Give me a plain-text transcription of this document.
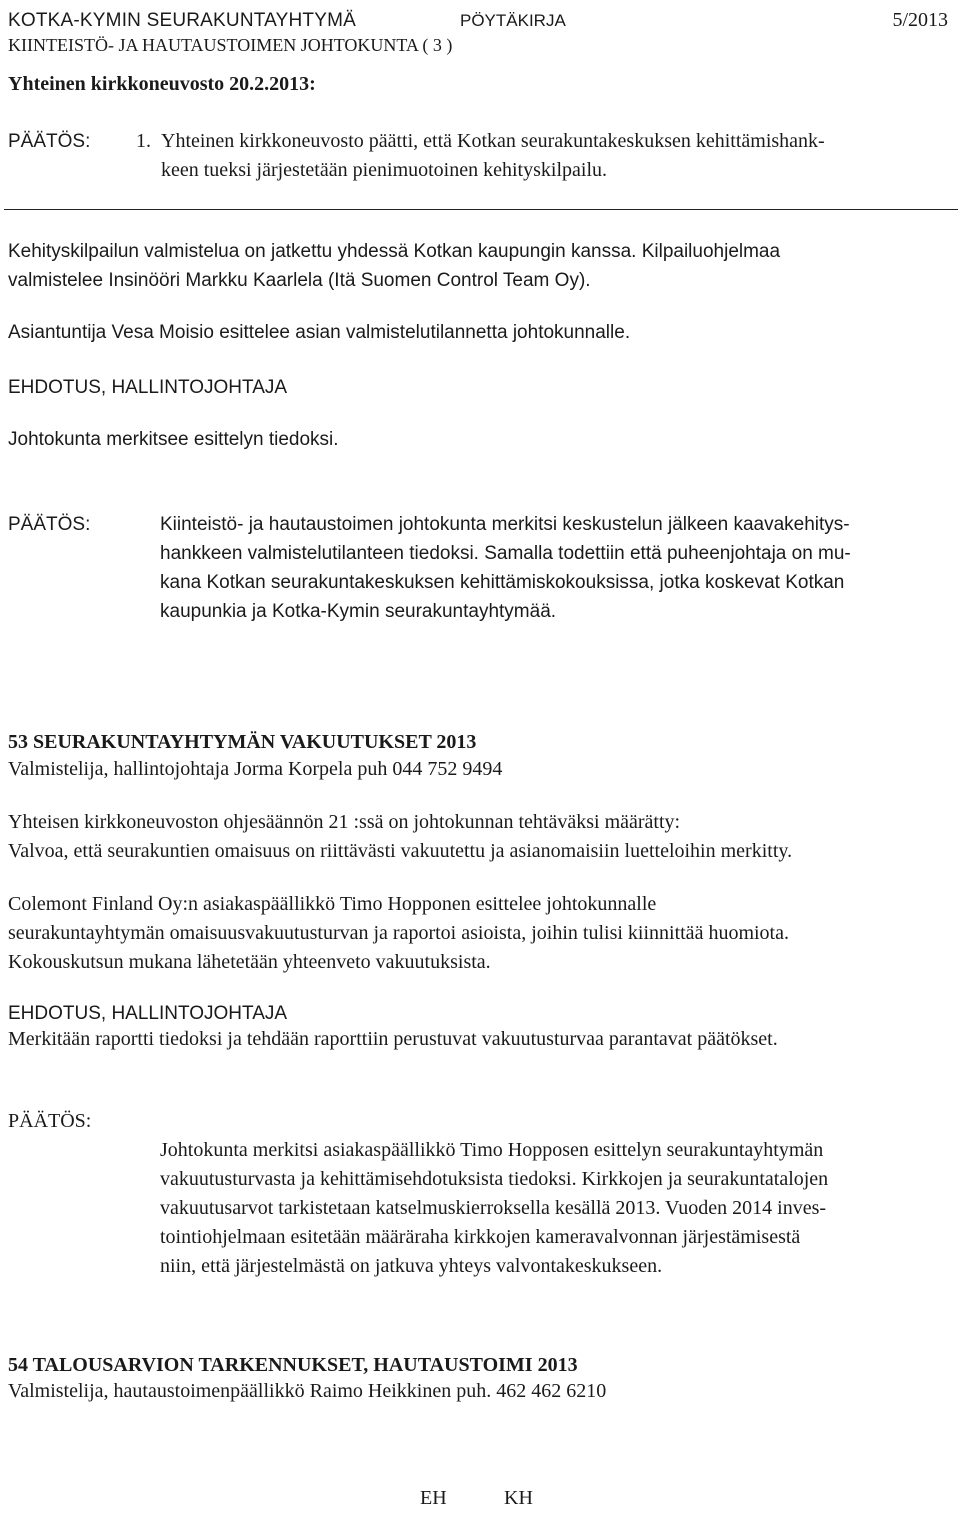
KOTKA-KYMIN SEURAKUNTAYHTYMÄ	PÖYTÄKIRJA	5/2013
KIINTEISTÖ- JA HAUTAUSTOIMEN JOHTOKUNTA ( 3 )
Yhteinen kirkkoneuvosto 20.2.2013:
PÄÄTÖS: 1. Yhteinen kirkkoneuvosto päätti, että Kotkan seurakuntakeskuksen kehittämishank-
keen tueksi järjestetään pienimuotoinen kehityskilpailu.
Kehityskilpailun valmistelua on jatkettu yhdessä Kotkan kaupungin kanssa. Kilpailuohjelmaa
valmistelee Insinööri Markku Kaarlela (Itä Suomen Control Team Oy).
Asiantuntija Vesa Moisio esittelee asian valmistelutilannetta johtokunnalle.
EHDOTUS, HALLINTOJOHTAJA
Johtokunta merkitsee esittelyn tiedoksi.
PÄÄTÖS:	Kiinteistö- ja hautaustoimen johtokunta merkitsi keskustelun jälkeen kaavakehitys-
hankkeen valmistelutilanteen tiedoksi. Samalla todettiin että puheenjohtaja on mu-
kana Kotkan seurakuntakeskuksen kehittämiskokouksissa, jotka koskevat Kotkan
kaupunkia ja Kotka-Kymin seurakuntayhtymää.
53 SEURAKUNTAYHTYMÄN VAKUUTUKSET 2013
Valmistelija, hallintojohtaja Jorma Korpela puh 044 752 9494
Yhteisen kirkkoneuvoston ohjesäännön 21 :ssä on johtokunnan tehtäväksi määrätty:
Valvoa, että seurakuntien omaisuus on riittävästi vakuutettu ja asianomaisiin luetteloihin merkitty.
Colemont Finland Oy:n asiakaspäällikkö Timo Hopponen esittelee johtokunnalle
seurakuntayhtymän omaisuusvakuutusturvan ja raportoi asioista, joihin tulisi kiinnittää huomiota.
Kokouskutsun mukana lähetetään yhteenveto vakuutuksista.
EHDOTUS, HALLINTOJOHTAJA
Merkitään raportti tiedoksi ja tehdään raporttiin perustuvat vakuutusturvaa parantavat päätökset.
PÄÄTÖS:
Johtokunta merkitsi asiakaspäällikkö Timo Hopposen esittelyn seurakuntayhtymän
vakuutusturvasta ja kehittämisehdotuksista tiedoksi. Kirkkojen ja seurakuntatalojen
vakuutusarvot tarkistetaan katselmuskierroksella kesällä 2013. Vuoden 2014 inves-
tointiohjelmaan esitetään määräraha kirkkojen kameravalvonnan järjestämisestä
niin, että järjestelmästä on jatkuva yhteys valvontakeskukseen.
54 TALOUSARVION TARKENNUKSET, HAUTAUSTOIMI 2013
Valmistelija, hautaustoimenpäällikkö Raimo Heikkinen puh. 462 462 6210
EH	KH
